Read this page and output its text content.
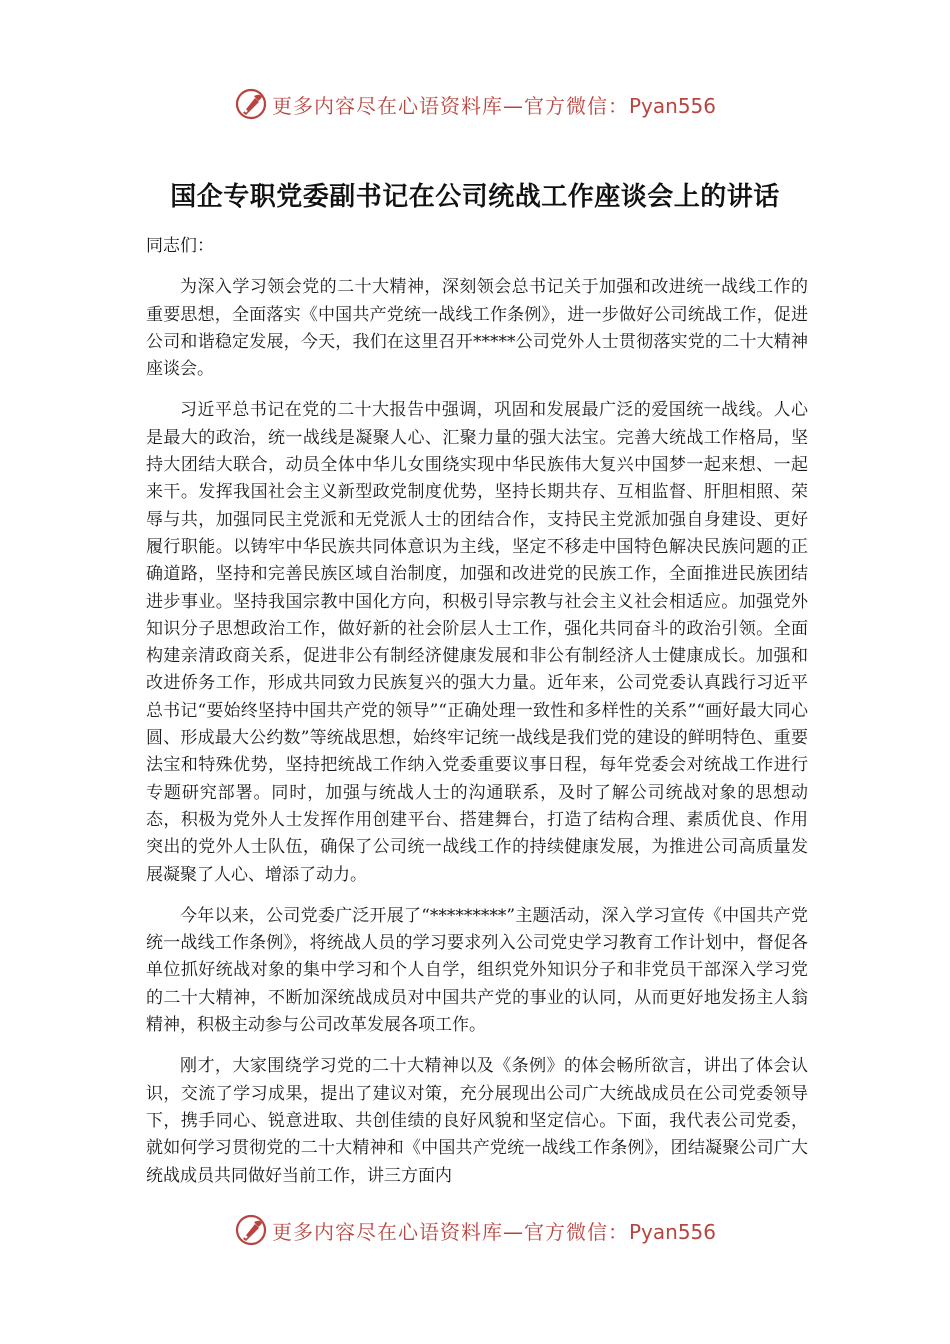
更多内容尽在心语资料库—官方微信：Pyan556
国企专职党委副书记在公司统战工作座谈会上的讲话

同志们：

为深入学习领会党的二十大精神，深刻领会总书记关于加强和改进统一战线工作的重要思想，全面落实《中国共产党统一战线工作条例》，进一步做好公司统战工作，促进公司和谐稳定发展，今天，我们在这里召开*****公司党外人士贯彻落实党的二十大精神座谈会。

习近平总书记在党的二十大报告中强调，巩固和发展最广泛的爱国统一战线。人心是最大的政治，统一战线是凝聚人心、汇聚力量的强大法宝。完善大统战工作格局，坚持大团结大联合，动员全体中华儿女围绕实现中华民族伟大复兴中国梦一起来想、一起来干。发挥我国社会主义新型政党制度优势，坚持长期共存、互相监督、肝胆相照、荣辱与共，加强同民主党派和无党派人士的团结合作，支持民主党派加强自身建设、更好履行职能。以铸牢中华民族共同体意识为主线，坚定不移走中国特色解决民族问题的正确道路，坚持和完善民族区域自治制度，加强和改进党的民族工作，全面推进民族团结进步事业。坚持我国宗教中国化方向，积极引导宗教与社会主义社会相适应。加强党外知识分子思想政治工作，做好新的社会阶层人士工作，强化共同奋斗的政治引领。全面构建亲清政商关系，促进非公有制经济健康发展和非公有制经济人士健康成长。加强和改进侨务工作，形成共同致力民族复兴的强大力量。近年来，公司党委认真践行习近平总书记“要始终坚持中国共产党的领导”“正确处理一致性和多样性的关系”“画好最大同心圆、形成最大公约数”等统战思想，始终牢记统一战线是我们党的建设的鲜明特色、重要法宝和特殊优势，坚持把统战工作纳入党委重要议事日程，每年党委会对统战工作进行专题研究部署。同时，加强与统战人士的沟通联系，及时了解公司统战对象的思想动态，积极为党外人士发挥作用创建平台、搭建舞台，打造了结构合理、素质优良、作用突出的党外人士队伍，确保了公司统一战线工作的持续健康发展，为推进公司高质量发展凝聚了人心、增添了动力。

今年以来，公司党委广泛开展了“*********”主题活动，深入学习宣传《中国共产党统一战线工作条例》，将统战人员的学习要求列入公司党史学习教育工作计划中，督促各单位抓好统战对象的集中学习和个人自学，组织党外知识分子和非党员干部深入学习党的二十大精神，不断加深统战成员对中国共产党的事业的认同，从而更好地发扬主人翁精神，积极主动参与公司改革发展各项工作。

刚才，大家围绕学习党的二十大精神以及《条例》的体会畅所欲言，讲出了体会认识，交流了学习成果，提出了建议对策，充分展现出公司广大统战成员在公司党委领导下，携手同心、锐意进取、共创佳绩的良好风貌和坚定信心。下面，我代表公司党委，就如何学习贯彻党的二十大精神和《中国共产党统一战线工作条例》，团结凝聚公司广大统战成员共同做好当前工作，讲三方面内

更多内容尽在心语资料库—官方微信：Pyan556
